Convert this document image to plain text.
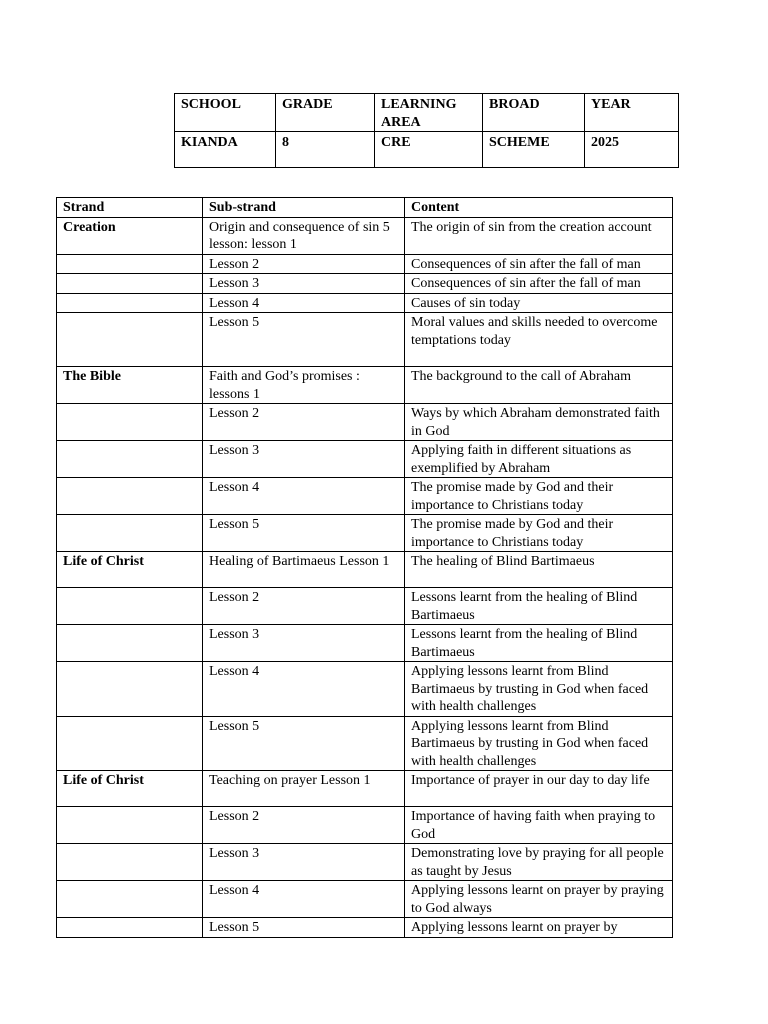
SCHOOL	GRADE	LEARNING AREA	BROAD	YEAR
KIANDA	8	CRE	SCHEME	2025
Strand	Sub-strand	Content
Creation	Origin and consequence of sin 5 lesson: lesson 1	The origin of sin from the creation account
	Lesson 2	Consequences of sin after the fall of man
	Lesson 3	Consequences of sin after the fall of man
	Lesson 4	Causes of sin today
	Lesson 5	Moral values and skills needed to overcome temptations today
The Bible	Faith and God’s promises : lessons 1	The background to the call of Abraham
	Lesson 2	Ways by which Abraham demonstrated faith in God
	Lesson 3	Applying faith in different situations as exemplified by Abraham
	Lesson 4	The promise made by God and their importance to Christians today
	Lesson 5	The promise made by God and their importance to Christians today
Life of Christ	Healing of Bartimaeus Lesson 1	The healing of Blind Bartimaeus
	Lesson 2	Lessons learnt from the healing of Blind Bartimaeus
	Lesson 3	Lessons learnt from the healing of Blind Bartimaeus
	Lesson 4	Applying lessons learnt from Blind Bartimaeus by trusting in God when faced with health challenges
	Lesson 5	Applying lessons learnt from Blind Bartimaeus by trusting in God when faced with health challenges
Life of Christ	Teaching on prayer Lesson 1	Importance of prayer in our day to day life
	Lesson 2	Importance of having faith when praying to God
	Lesson 3	Demonstrating love by praying for all people as taught by Jesus
	Lesson 4	Applying lessons learnt on prayer by praying to God always
	Lesson 5	Applying lessons learnt on prayer by
